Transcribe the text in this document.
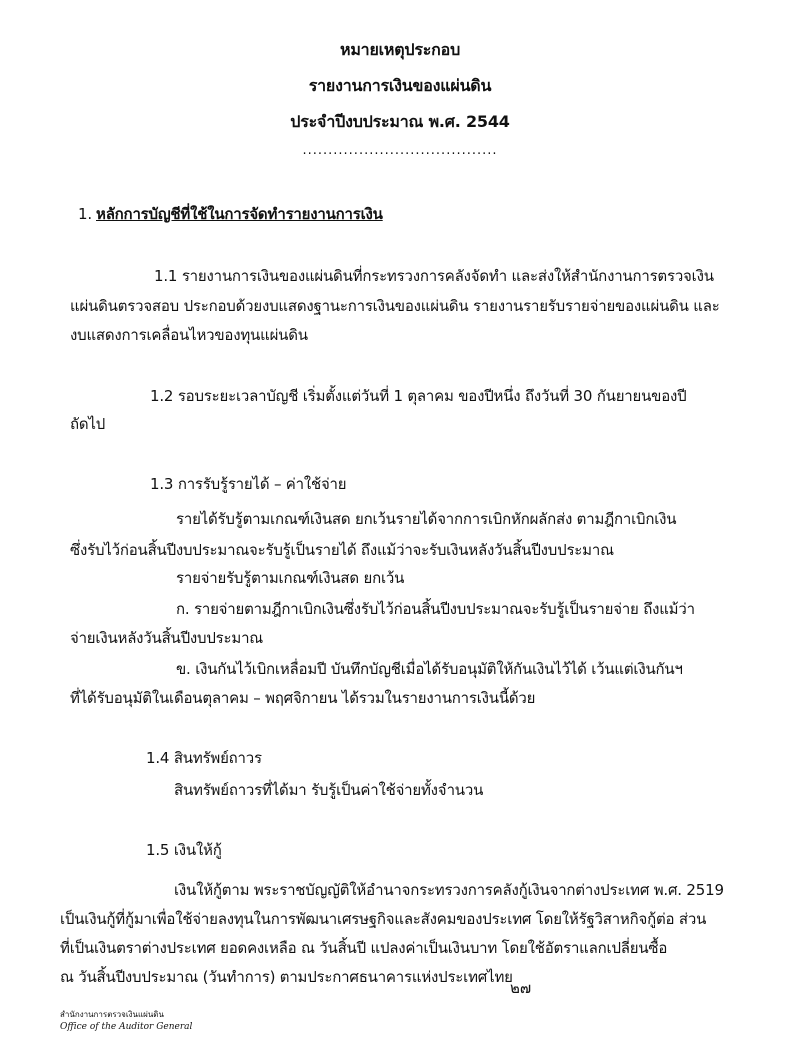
หมายเหตุประกอบ
รายงานการเงินของแผ่นดิน
ประจำปีงบประมาณ พ.ศ. 2544
......................................
1. หลักการบัญชีที่ใช้ในการจัดทำรายงานการเงิน
1.1 รายงานการเงินของแผ่นดินที่กระทรวงการคลังจัดทำ และส่งให้สำนักงานการตรวจเงิน
แผ่นดินตรวจสอบ ประกอบด้วยงบแสดงฐานะการเงินของแผ่นดิน รายงานรายรับรายจ่ายของแผ่นดิน และ
งบแสดงการเคลื่อนไหวของทุนแผ่นดิน
1.2 รอบระยะเวลาบัญชี เริ่มตั้งแต่วันที่ 1 ตุลาคม ของปีหนึ่ง ถึงวันที่ 30 กันยายนของปี
ถัดไป
1.3 การรับรู้รายได้ – ค่าใช้จ่าย
รายได้รับรู้ตามเกณฑ์เงินสด ยกเว้นรายได้จากการเบิกหักผลักส่ง ตามฎีกาเบิกเงิน
ซึ่งรับไว้ก่อนสิ้นปีงบประมาณจะรับรู้เป็นรายได้ ถึงแม้ว่าจะรับเงินหลังวันสิ้นปีงบประมาณ
รายจ่ายรับรู้ตามเกณฑ์เงินสด ยกเว้น
ก. รายจ่ายตามฎีกาเบิกเงินซึ่งรับไว้ก่อนสิ้นปีงบประมาณจะรับรู้เป็นรายจ่าย ถึงแม้ว่า
จ่ายเงินหลังวันสิ้นปีงบประมาณ
ข. เงินกันไว้เบิกเหลื่อมปี บันทึกบัญชีเมื่อได้รับอนุมัติให้กันเงินไว้ได้ เว้นแต่เงินกันฯ
ที่ได้รับอนุมัติในเดือนตุลาคม – พฤศจิกายน ได้รวมในรายงานการเงินนี้ด้วย
1.4 สินทรัพย์ถาวร
สินทรัพย์ถาวรที่ได้มา รับรู้เป็นค่าใช้จ่ายทั้งจำนวน
1.5 เงินให้กู้
เงินให้กู้ตาม พระราชบัญญัติให้อำนาจกระทรวงการคลังกู้เงินจากต่างประเทศ พ.ศ. 2519
เป็นเงินกู้ที่กู้มาเพื่อใช้จ่ายลงทุนในการพัฒนาเศรษฐกิจและสังคมของประเทศ โดยให้รัฐวิสาหกิจกู้ต่อ ส่วน
ที่เป็นเงินตราต่างประเทศ ยอดคงเหลือ ณ วันสิ้นปี แปลงค่าเป็นเงินบาท โดยใช้อัตราแลกเปลี่ยนซื้อ
ณ วันสิ้นปีงบประมาณ (วันทำการ) ตามประกาศธนาคารแห่งประเทศไทย
๒๗
สำนักงานการตรวจเงินแผ่นดิน
Office of the Auditor General
